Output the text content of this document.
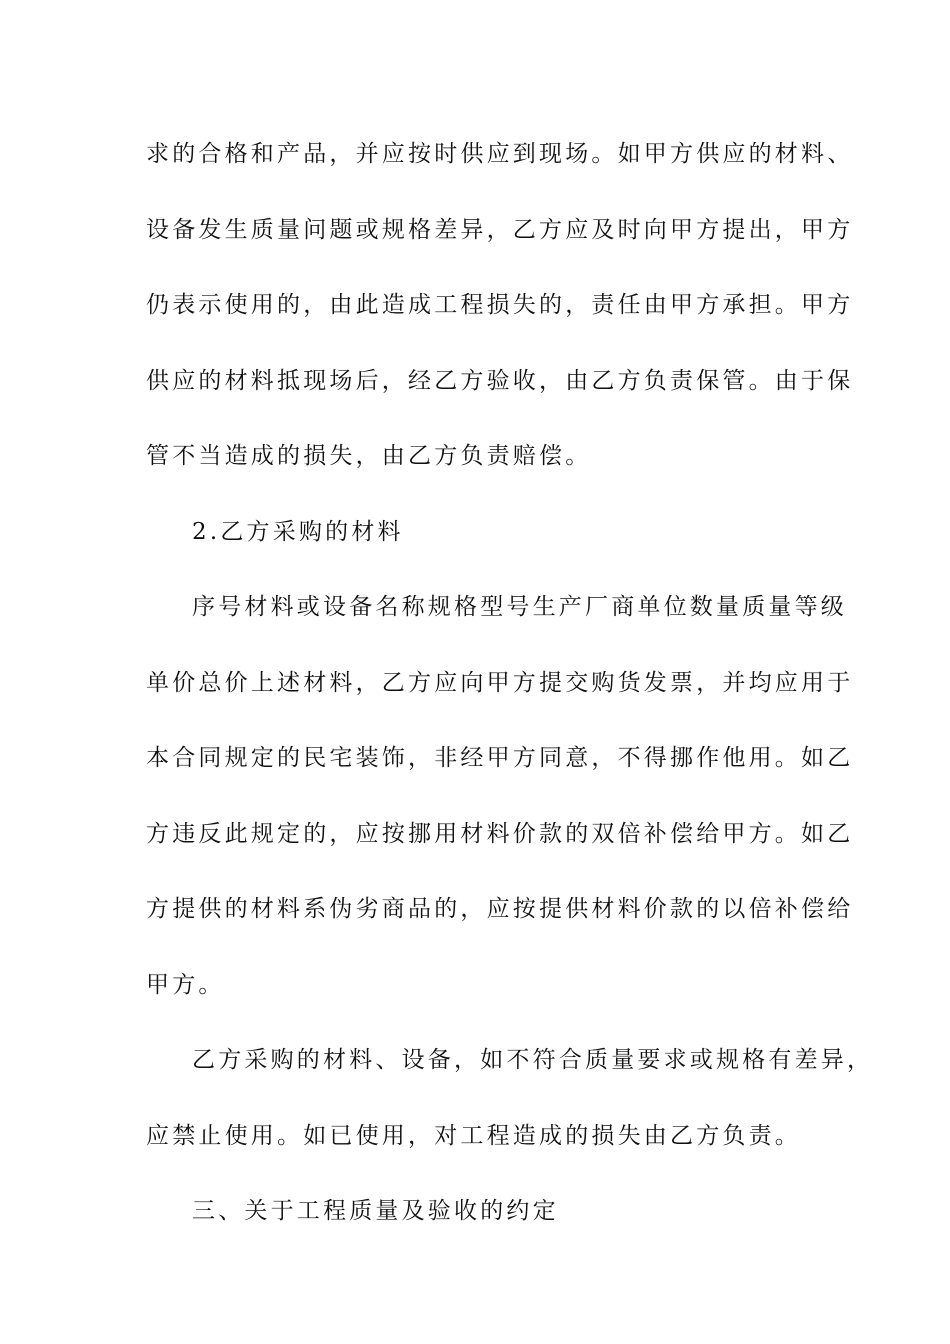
求的合格和产品，并应按时供应到现场。如甲方供应的材料、
设备发生质量问题或规格差异，乙方应及时向甲方提出，甲方
仍表示使用的，由此造成工程损失的，责任由甲方承担。甲方
供应的材料抵现场后，经乙方验收，由乙方负责保管。由于保
管不当造成的损失，由乙方负责赔偿。
2.乙方采购的材料
序号材料或设备名称规格型号生产厂商单位数量质量等级
单价总价上述材料，乙方应向甲方提交购货发票，并均应用于
本合同规定的民宅装饰，非经甲方同意，不得挪作他用。如乙
方违反此规定的，应按挪用材料价款的双倍补偿给甲方。如乙
方提供的材料系伪劣商品的，应按提供材料价款的以倍补偿给
甲方。
乙方采购的材料、设备，如不符合质量要求或规格有差异，
应禁止使用。如已使用，对工程造成的损失由乙方负责。
三、关于工程质量及验收的约定
